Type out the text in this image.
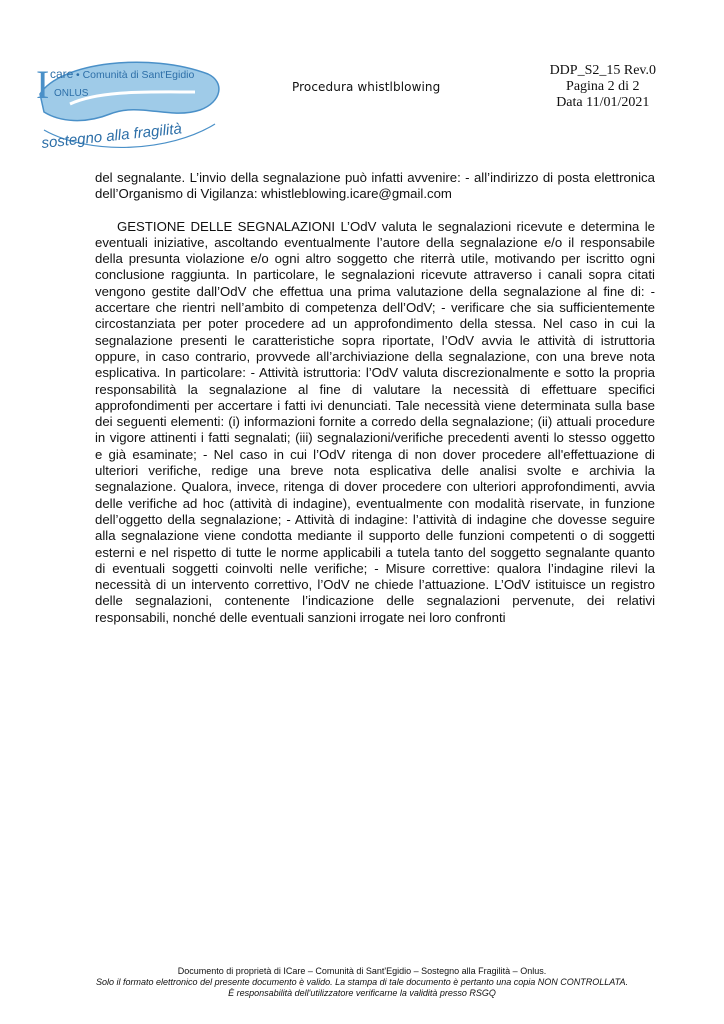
I care • Comunità di Sant'Egidio
ONLUS
sostegno alla fragilità
Procedura whistlblowing
DDP_S2_15 Rev.0
Pagina 2 di 2
Data 11/01/2021

del segnalante. L’invio della segnalazione può infatti avvenire: - all’indirizzo di posta elettronica dell’Organismo di Vigilanza: whistleblowing.icare@gmail.com

GESTIONE DELLE SEGNALAZIONI L’OdV valuta le segnalazioni ricevute e determina le eventuali iniziative, ascoltando eventualmente l’autore della segnalazione e/o il responsabile della presunta violazione e/o ogni altro soggetto che riterrà utile, motivando per iscritto ogni conclusione raggiunta. In particolare, le segnalazioni ricevute attraverso i canali sopra citati vengono gestite dall’OdV che effettua una prima valutazione della segnalazione al fine di: - accertare che rientri nell’ambito di competenza dell’OdV; - verificare che sia sufficientemente circostanziata per poter procedere ad un approfondimento della stessa. Nel caso in cui la segnalazione presenti le caratteristiche sopra riportate, l’OdV avvia le attività di istruttoria oppure, in caso contrario, provvede all’archiviazione della segnalazione, con una breve nota esplicativa. In particolare: - Attività istruttoria: l’OdV valuta discrezionalmente e sotto la propria responsabilità la segnalazione al fine di valutare la necessità di effettuare specifici approfondimenti per accertare i fatti ivi denunciati. Tale necessità viene determinata sulla base dei seguenti elementi: (i) informazioni fornite a corredo della segnalazione; (ii) attuali procedure in vigore attinenti i fatti segnalati; (iii) segnalazioni/verifiche precedenti aventi lo stesso oggetto e già esaminate; - Nel caso in cui l’OdV ritenga di non dover procedere all'effettuazione di ulteriori verifiche, redige una breve nota esplicativa delle analisi svolte e archivia la segnalazione. Qualora, invece, ritenga di dover procedere con ulteriori approfondimenti, avvia delle verifiche ad hoc (attività di indagine), eventualmente con modalità riservate, in funzione dell’oggetto della segnalazione; - Attività di indagine: l’attività di indagine che dovesse seguire alla segnalazione viene condotta mediante il supporto delle funzioni competenti o di soggetti esterni e nel rispetto di tutte le norme applicabili a tutela tanto del soggetto segnalante quanto di eventuali soggetti coinvolti nelle verifiche; - Misure correttive: qualora l’indagine rilevi la necessità di un intervento correttivo, l’OdV ne chiede l’attuazione. L’OdV istituisce un registro delle segnalazioni, contenente l’indicazione delle segnalazioni pervenute, dei relativi responsabili, nonché delle eventuali sanzioni irrogate nei loro confronti

Documento di proprietà di ICare – Comunità di Sant'Egidio – Sostegno alla Fragilità – Onlus.
Solo il formato elettronico del presente documento è valido. La stampa di tale documento è pertanto una copia NON CONTROLLATA.
È responsabilità dell'utilizzatore verificarne la validità presso RSGQ
